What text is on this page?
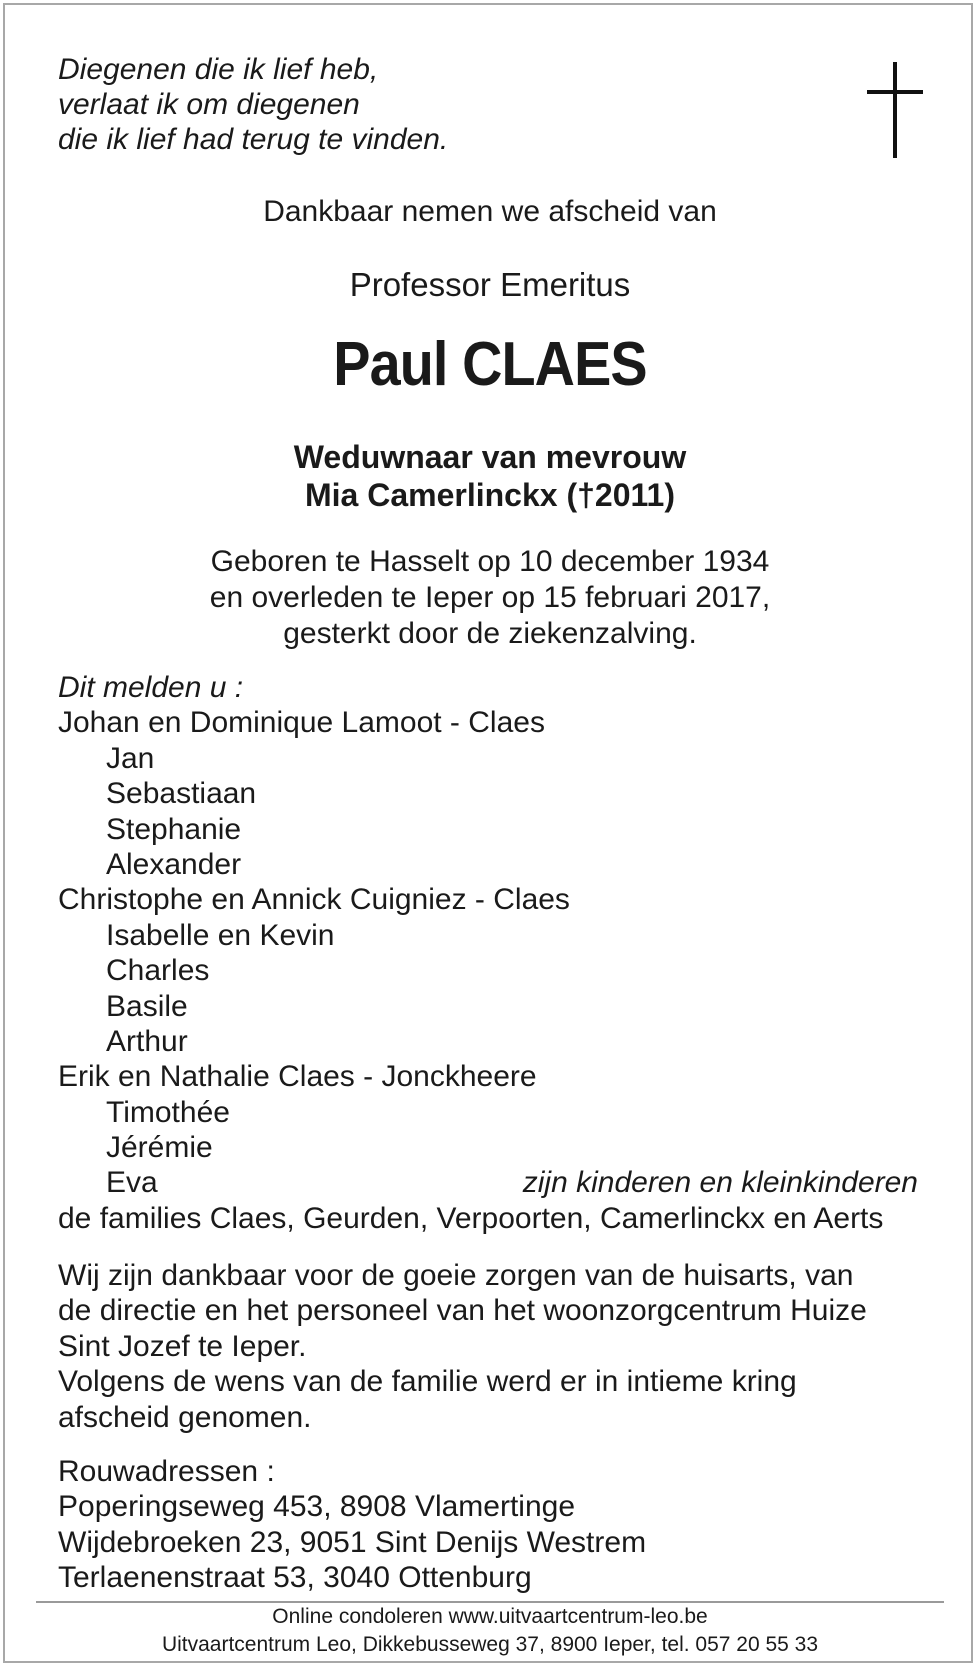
Diegenen die ik lief heb,
verlaat ik om diegenen
die ik lief had terug te vinden.
Dankbaar nemen we afscheid van
Professor Emeritus
Paul CLAES
Weduwnaar van mevrouw
Mia Camerlinckx (†2011)
Geboren te Hasselt op 10 december 1934
en overleden te Ieper op 15 februari 2017,
gesterkt door de ziekenzalving.
Dit melden u :
Johan en Dominique Lamoot - Claes
Jan
Sebastiaan
Stephanie
Alexander
Christophe en Annick Cuigniez - Claes
Isabelle en Kevin
Charles
Basile
Arthur
Erik en Nathalie Claes - Jonckheere
Timothée
Jérémie
Eva	zijn kinderen en kleinkinderen
de families Claes, Geurden, Verpoorten, Camerlinckx en Aerts
Wij zijn dankbaar voor de goeie zorgen van de huisarts, van
de directie en het personeel van het woonzorgcentrum Huize
Sint Jozef te Ieper.
Volgens de wens van de familie werd er in intieme kring
afscheid genomen.
Rouwadressen :
Poperingseweg 453, 8908 Vlamertinge
Wijdebroeken 23, 9051 Sint Denijs Westrem
Terlaenenstraat 53, 3040 Ottenburg
Online condoleren www.uitvaartcentrum-leo.be
Uitvaartcentrum Leo, Dikkebusseweg 37, 8900 Ieper, tel. 057 20 55 33
